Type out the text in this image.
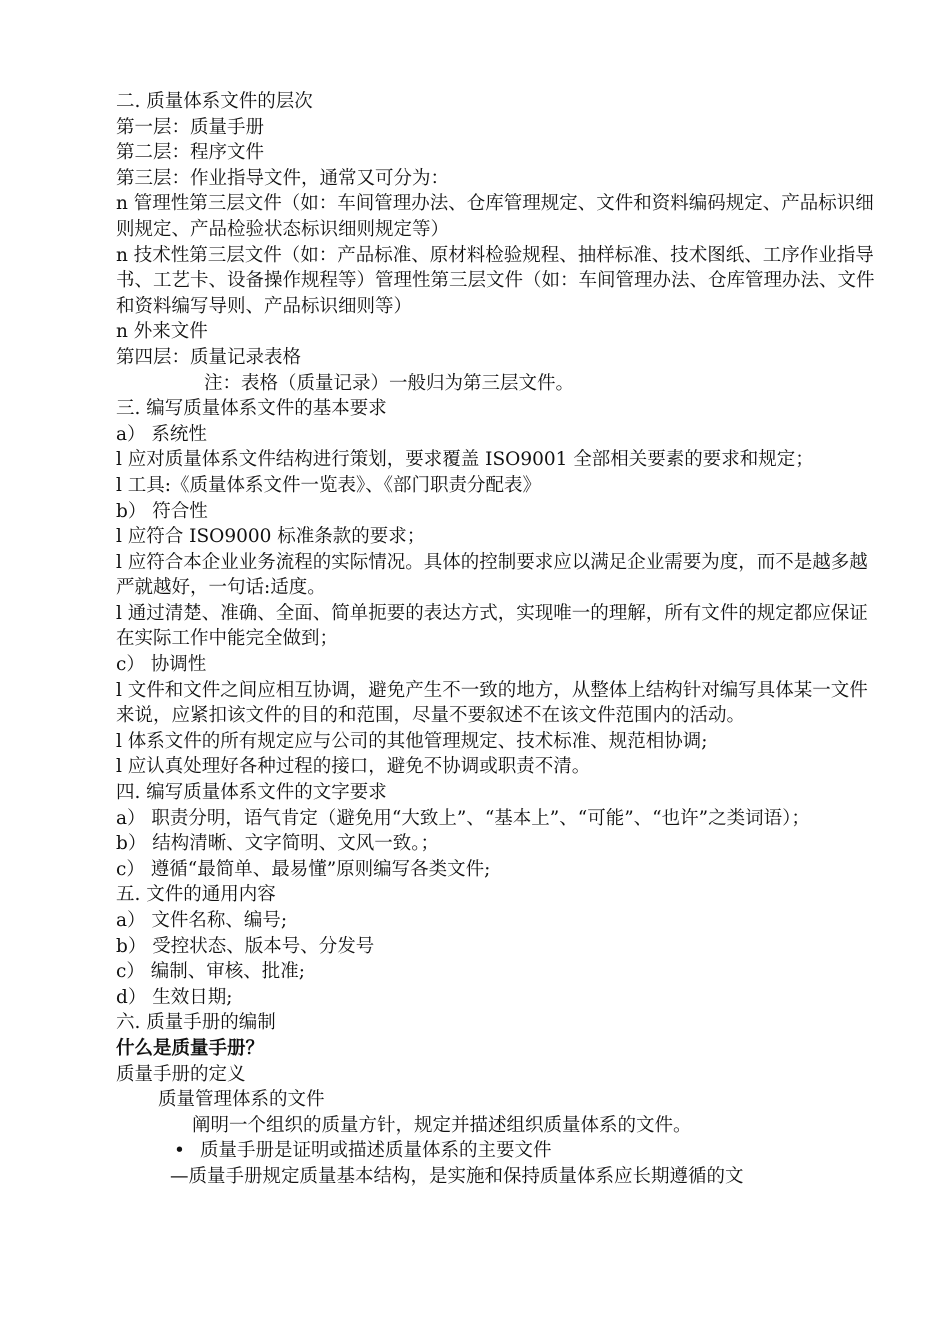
二. 质量体系文件的层次

第一层：质量手册

第二层：程序文件

第三层：作业指导文件，通常又可分为：

n 管理性第三层文件（如：车间管理办法、仓库管理规定、文件和资料编码规定、产品标识细则规定、产品检验状态标识细则规定等）

n 技术性第三层文件（如：产品标准、原材料检验规程、抽样标准、技术图纸、工序作业指导书、工艺卡、设备操作规程等）管理性第三层文件（如：车间管理办法、仓库管理办法、文件和资料编写导则、产品标识细则等）

n 外来文件

第四层：质量记录表格

注：表格（质量记录）一般归为第三层文件。

三. 编写质量体系文件的基本要求

a） 系统性

l 应对质量体系文件结构进行策划，要求覆盖 ISO9001 全部相关要素的要求和规定；

l 工具:《质量体系文件一览表》、《部门职责分配表》

b） 符合性

l 应符合 ISO9000 标准条款的要求；

l 应符合本企业业务流程的实际情况。具体的控制要求应以满足企业需要为度，而不是越多越严就越好，一句话:适度。

l 通过清楚、准确、全面、简单扼要的表达方式，实现唯一的理解，所有文件的规定都应保证在实际工作中能完全做到；

c） 协调性

l 文件和文件之间应相互协调，避免产生不一致的地方，从整体上结构针对编写具体某一文件来说，应紧扣该文件的目的和范围，尽量不要叙述不在该文件范围内的活动。

l 体系文件的所有规定应与公司的其他管理规定、技术标准、规范相协调;

l 应认真处理好各种过程的接口，避免不协调或职责不清。

四. 编写质量体系文件的文字要求

a） 职责分明，语气肯定（避免用“大致上”、“基本上”、“可能”、“也许”之类词语）；

b） 结构清晰、文字简明、文风一致。；

c） 遵循“最简单、最易懂”原则编写各类文件;

五. 文件的通用内容

a） 文件名称、编号;

b） 受控状态、版本号、分发号

c） 编制、审核、批准;

d） 生效日期;

六. 质量手册的编制

什么是质量手册？

质量手册的定义

质量管理体系的文件

阐明一个组织的质量方针，规定并描述组织质量体系的文件。

• 质量手册是证明或描述质量体系的主要文件

—质量手册规定质量基本结构，是实施和保持质量体系应长期遵循的文
